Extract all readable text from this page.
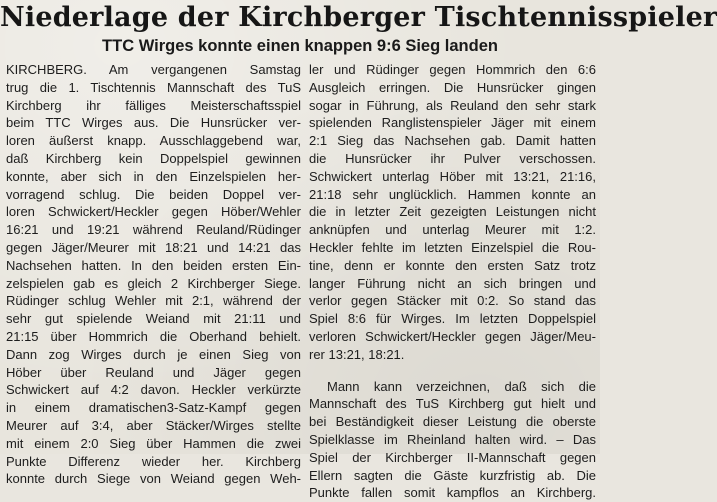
Niederlage der Kirchberger Tischtennisspieler
TTC Wirges konnte einen knappen 9:6 Sieg landen
KIRCHBERG. Am vergangenen Samstag
trug die 1. Tischtennis Mannschaft des TuS
Kirchberg ihr fälliges Meisterschaftsspiel
beim TTC Wirges aus. Die Hunsrücker ver-
loren äußerst knapp. Ausschlaggebend war,
daß Kirchberg kein Doppelspiel gewinnen
konnte, aber sich in den Einzelspielen her-
vorragend schlug. Die beiden Doppel ver-
loren Schwickert/Heckler gegen Höber/Wehler
16:21 und 19:21 während Reuland/Rüdinger
gegen Jäger/Meurer mit 18:21 und 14:21 das
Nachsehen hatten. In den beiden ersten Ein-
zelspielen gab es gleich 2 Kirchberger Siege.
Rüdinger schlug Wehler mit 2:1, während der
sehr gut spielende Weiand mit 21:11 und
21:15 über Hommrich die Oberhand behielt.
Dann zog Wirges durch je einen Sieg von
Höber über Reuland und Jäger gegen
Schwickert auf 4:2 davon. Heckler verkürzte
in einem dramatischen3-Satz-Kampf gegen
Meurer auf 3:4, aber Stäcker/Wirges stellte
mit einem 2:0 Sieg über Hammen die zwei
Punkte Differenz wieder her. Kirchberg
konnte durch Siege von Weiand gegen Weh-
ler und Rüdinger gegen Hommrich den 6:6
Ausgleich erringen. Die Hunsrücker gingen
sogar in Führung, als Reuland den sehr stark
spielenden Ranglistenspieler Jäger mit einem
2:1 Sieg das Nachsehen gab. Damit hatten
die Hunsrücker ihr Pulver verschossen.
Schwickert unterlag Höber mit 13:21, 21:16,
21:18 sehr unglücklich. Hammen konnte an
die in letzter Zeit gezeigten Leistungen nicht
anknüpfen und unterlag Meurer mit 1:2.
Heckler fehlte im letzten Einzelspiel die Rou-
tine, denn er konnte den ersten Satz trotz
langer Führung nicht an sich bringen und
verlor gegen Stäcker mit 0:2. So stand das
Spiel 8:6 für Wirges. Im letzten Doppelspiel
verloren Schwickert/Heckler gegen Jäger/Meu-
rer 13:21, 18:21.
Mann kann verzeichnen, daß sich die
Mannschaft des TuS Kirchberg gut hielt und
bei Beständigkeit dieser Leistung die oberste
Spielklasse im Rheinland halten wird. – Das
Spiel der Kirchberger II-Mannschaft gegen
Ellern sagten die Gäste kurzfristig ab. Die
Punkte fallen somit kampflos an Kirchberg.
